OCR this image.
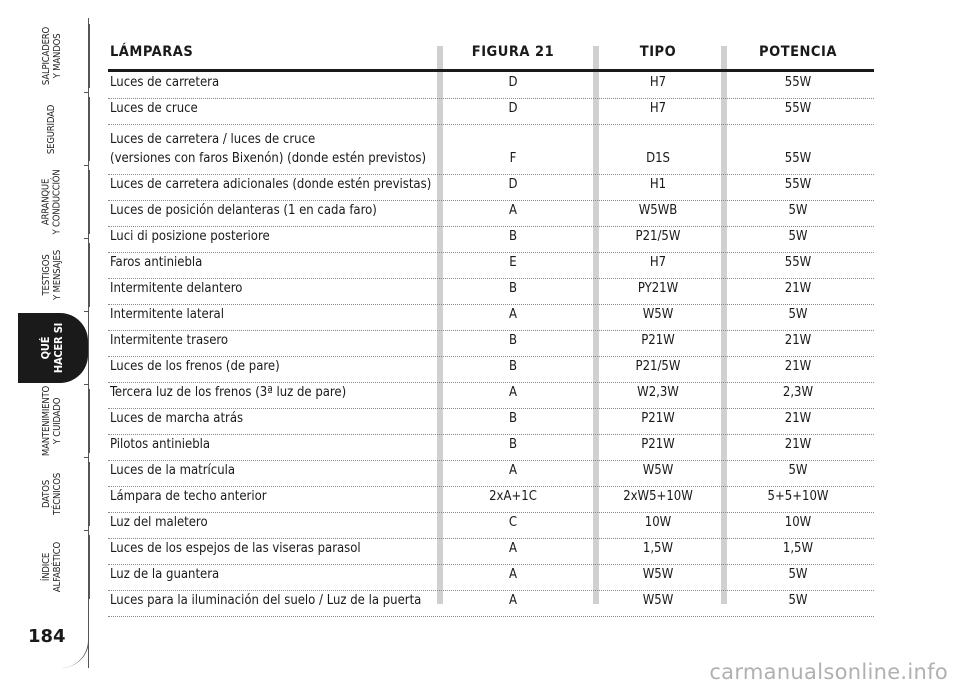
SALPICADERO Y MANDOS
SEGURIDAD
ARRANQUE Y CONDUCCIÓN
TESTIGOS Y MENSAJES
QUÉ HACER SI
MANTENIMIENTO Y CUIDADO
DATOS TÉCNICOS
ÍNDICE ALFABÉTICO
184
LÁMPARAS	FIGURA 21	TIPO	POTENCIA
Luces de carretera	D	H7	55W
Luces de cruce	D	H7	55W
Luces de carretera / luces de cruce
(versiones con faros Bixenón) (donde estén previstos)	F	D1S	55W
Luces de carretera adicionales (donde estén previstas)	D	H1	55W
Luces de posición delanteras (1 en cada faro)	A	W5WB	5W
Luci di posizione posteriore	B	P21/5W	5W
Faros antiniebla	E	H7	55W
Intermitente delantero	B	PY21W	21W
Intermitente lateral	A	W5W	5W
Intermitente trasero	B	P21W	21W
Luces de los frenos (de pare)	B	P21/5W	21W
Tercera luz de los frenos (3ª luz de pare)	A	W2,3W	2,3W
Luces de marcha atrás	B	P21W	21W
Pilotos antiniebla	B	P21W	21W
Luces de la matrícula	A	W5W	5W
Lámpara de techo anterior	2xA+1C	2xW5+10W	5+5+10W
Luz del maletero	C	10W	10W
Luces de los espejos de las viseras parasol	A	1,5W	1,5W
Luz de la guantera	A	W5W	5W
Luces para la iluminación del suelo / Luz de la puerta	A	W5W	5W
carmanualsonline.info
